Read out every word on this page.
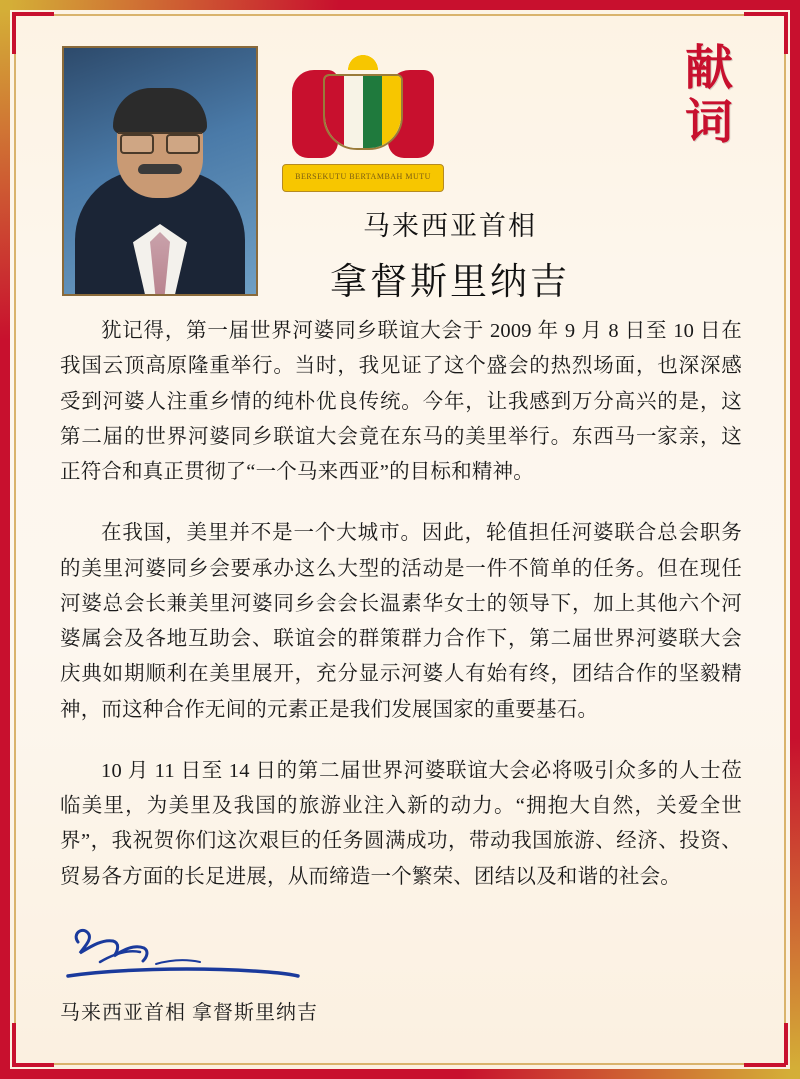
BERSEKUTU BERTAMBAH MUTU
马来西亚首相
拿督斯里纳吉
献词

犹记得，第一届世界河婆同乡联谊大会于 2009 年 9 月 8 日至 10 日在我国云顶高原隆重举行。当时，我见证了这个盛会的热烈场面，也深深感受到河婆人注重乡情的纯朴优良传统。今年，让我感到万分高兴的是，这第二届的世界河婆同乡联谊大会竟在东马的美里举行。东西马一家亲，这正符合和真正贯彻了“一个马来西亚”的目标和精神。

在我国，美里并不是一个大城市。因此，轮值担任河婆联合总会职务的美里河婆同乡会要承办这么大型的活动是一件不简单的任务。但在现任河婆总会长兼美里河婆同乡会会长温素华女士的领导下，加上其他六个河婆属会及各地互助会、联谊会的群策群力合作下，第二届世界河婆联大会庆典如期顺利在美里展开，充分显示河婆人有始有终，团结合作的坚毅精神，而这种合作无间的元素正是我们发展国家的重要基石。

10 月 11 日至 14 日的第二届世界河婆联谊大会必将吸引众多的人士莅临美里，为美里及我国的旅游业注入新的动力。“拥抱大自然，关爱全世界”，我祝贺你们这次艰巨的任务圆满成功，带动我国旅游、经济、投资、贸易各方面的长足进展，从而缔造一个繁荣、团结以及和谐的社会。

马来西亚首相 拿督斯里纳吉
